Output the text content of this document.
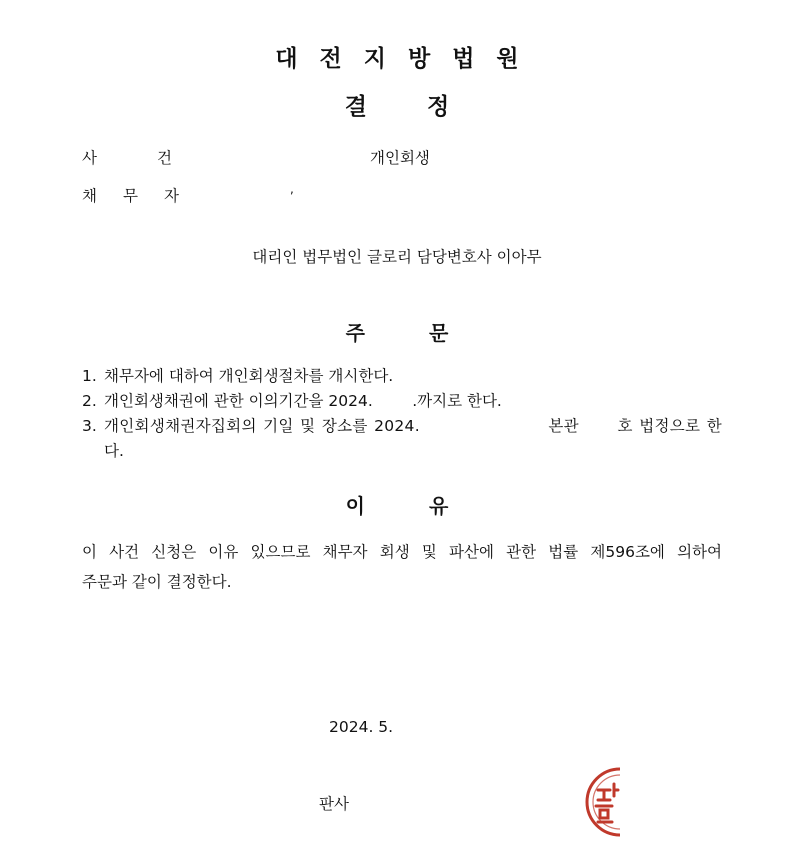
대전지방법원
결정
사건	개인회생
채무자	,
대리인 법무법인 글로리 담당변호사 이아무
주문
1. 채무자에 대하여 개인회생절차를 개시한다.
2. 개인회생채권에 관한 이의기간을 2024.        .까지로 한다.
3. 개인회생채권자집회의 기일 및 장소를 2024.                    본관      호 법정으로 한
다.
이유
이 사건 신청은 이유 있으므로 채무자 회생 및 파산에 관한 법률 제596조에 의하여
주문과 같이 결정한다.
2024. 5.
판사
